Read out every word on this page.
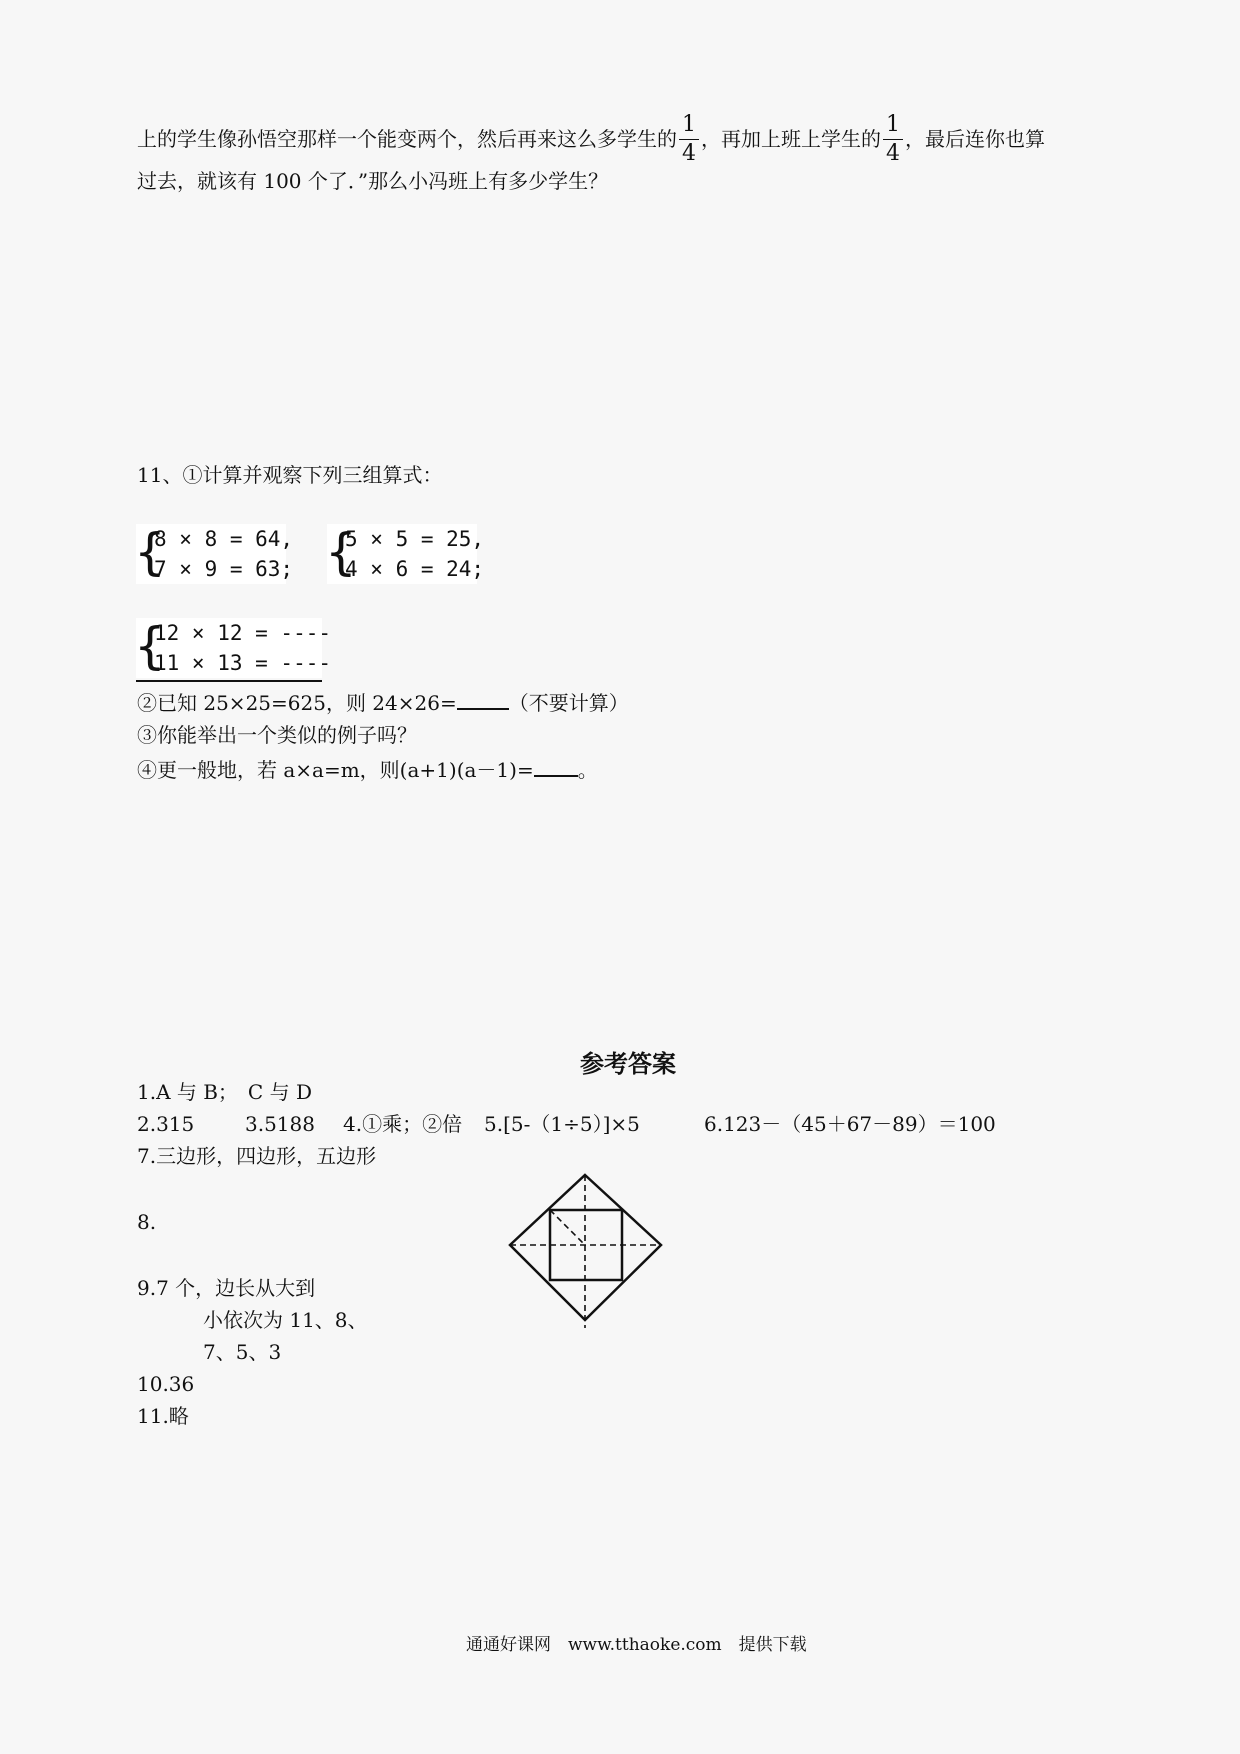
上的学生像孙悟空那样一个能变两个，然后再来这么多学生的 $\frac{1}{4}$ ，再加上班上学生的 $\frac{1}{4}$ ，最后连你也算
过去，就该有 100 个了．”那么小冯班上有多少学生？
11、①计算并观察下列三组算式：
{
8 × 8 = 64,
7 × 9 = 63; {
5 × 5 = 25,
4 × 6 = 24;
{
12 × 12 = ----
11 × 13 = ----
②已知 25×25=625，则 24×26=	（不要计算）
③你能举出一个类似的例子吗？
④更一般地，若 a×a=m，则(a+1)(a－1)= 。
参考答案
1.A 与 B；　C 与 D
2.315	3.5188 4.①乘；②倍 5.[5-（1÷5）]×5	6.123－（45＋67－89）＝100
7.三边形，四边形，五边形
8.
9.7 个，边长从大到
小依次为 11、8、
7、5、3
10.36
11.略
通通好课网　www.tthaoke.com　提供下载
